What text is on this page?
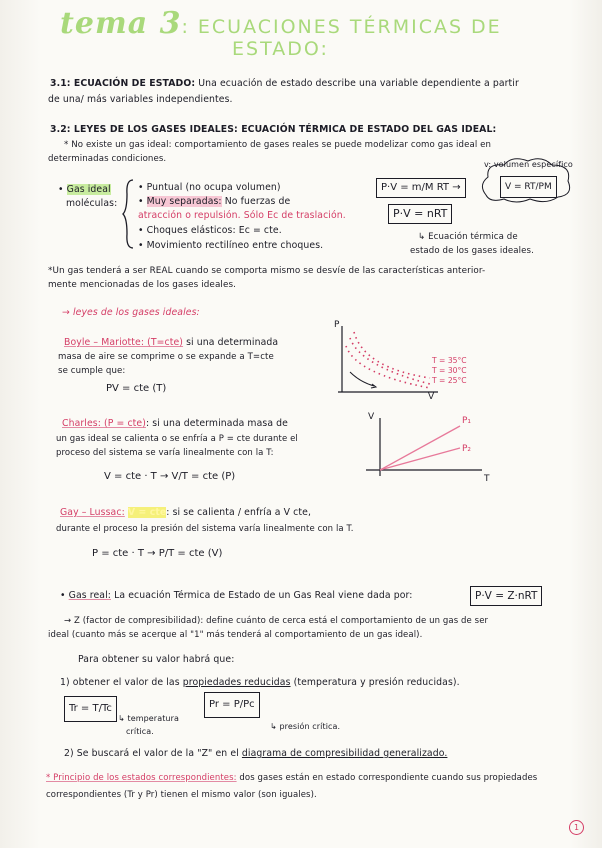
tema 3: ECUACIONES TÉRMICAS DE
ESTADO:
3.1: ECUACIÓN DE ESTADO: Una ecuación de estado describe una variable dependiente a partir
de una/ más variables independientes.
3.2: LEYES DE LOS GASES IDEALES: ECUACIÓN TÉRMICA DE ESTADO DEL GAS IDEAL:
* No existe un gas ideal: comportamiento de gases reales se puede modelizar como gas ideal en
determinadas condiciones.
• Gas ideal
moléculas:
• Puntual (no ocupa volumen)
• Muy separadas: No fuerzas de
atracción o repulsión. Sólo Ec de traslación.
• Choques elásticos: Ec = cte.
• Movimiento rectilíneo entre choques.
v: volumen específico
P·V = m/M RT →	V = RT/PM
P·V = nRT
↳ Ecuación térmica de
estado de los gases ideales.
*Un gas tenderá a ser REAL cuando se comporta mismo se desvíe de las características anterior-
mente mencionadas de los gases ideales.
→ leyes de los gases ideales:
Boyle – Mariotte: (T=cte) si una determinada
masa de aire se comprime o se expande a T=cte
se cumple que:
PV = cte (T)
P
V
T = 35°C
T = 30°C
T = 25°C
Charles: (P = cte): si una determinada masa de
un gas ideal se calienta o se enfría a P = cte durante el
proceso del sistema se varía linealmente con la T:
V = cte · T → V/T = cte (P)
V
T
P₁
P₂
Gay – Lussac: V = cte: si se calienta / enfría a V cte,
durante el proceso la presión del sistema varía linealmente con la T.
P = cte · T → P/T = cte (V)
• Gas real: La ecuación Térmica de Estado de un Gas Real viene dada por:	P·V = Z·nRT
→ Z (factor de compresibilidad): define cuánto de cerca está el comportamiento de un gas de ser
ideal (cuanto más se acerque al "1" más tenderá al comportamiento de un gas ideal).
Para obtener su valor habrá que:
1) obtener el valor de las propiedades reducidas (temperatura y presión reducidas).
Tr = T/Tc
↳ temperatura
crítica.
Pr = P/Pc
↳ presión crítica.
2) Se buscará el valor de la "Z" en el diagrama de compresibilidad generalizado.
* Principio de los estados correspondientes: dos gases están en estado correspondiente cuando sus propiedades
correspondientes (Tr y Pr) tienen el mismo valor (son iguales).
1
